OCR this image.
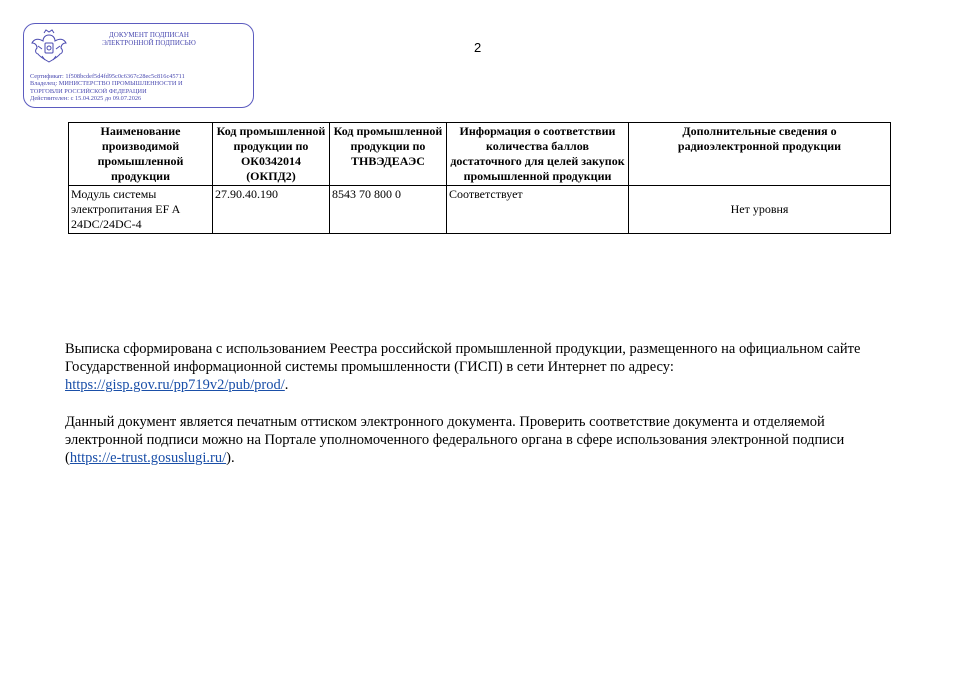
ДОКУМЕНТ ПОДПИСАН ЭЛЕКТРОННОЙ ПОДПИСЬЮ
Сертификат: 1f508bcdef5d4fd95c0c6367c28ec5c816c45711
Владелец: МИНИСТЕРСТВО ПРОМЫШЛЕННОСТИ И
ТОРГОВЛИ РОССИЙСКОЙ ФЕДЕРАЦИИ
Действителен: с 15.04.2025 до 09.07.2026
2
Наименование производимой промышленной продукции	Код промышленной продукции по ОК0342014 (ОКПД2)	Код промышленной продукции по ТНВЭДЕАЭС	Информация о соответствии количества баллов достаточного для целей закупок промышленной продукции	Дополнительные сведения о радиоэлектронной продукции
Модуль системы электропитания EF A 24DC/24DC-4	27.90.40.190	8543 70 800 0	Соответствует	Нет уровня
Выписка сформирована с использованием Реестра российской промышленной продукции, размещенного на официальном сайте Государственной информационной системы промышленности (ГИСП) в сети Интернет по адресу: https://gisp.gov.ru/pp719v2/pub/prod/.
Данный документ является печатным оттиском электронного документа. Проверить соответствие документа и отделяемой электронной подписи можно на Портале уполномоченного федерального органа в сфере использования электронной подписи (https://e-trust.gosuslugi.ru/).
